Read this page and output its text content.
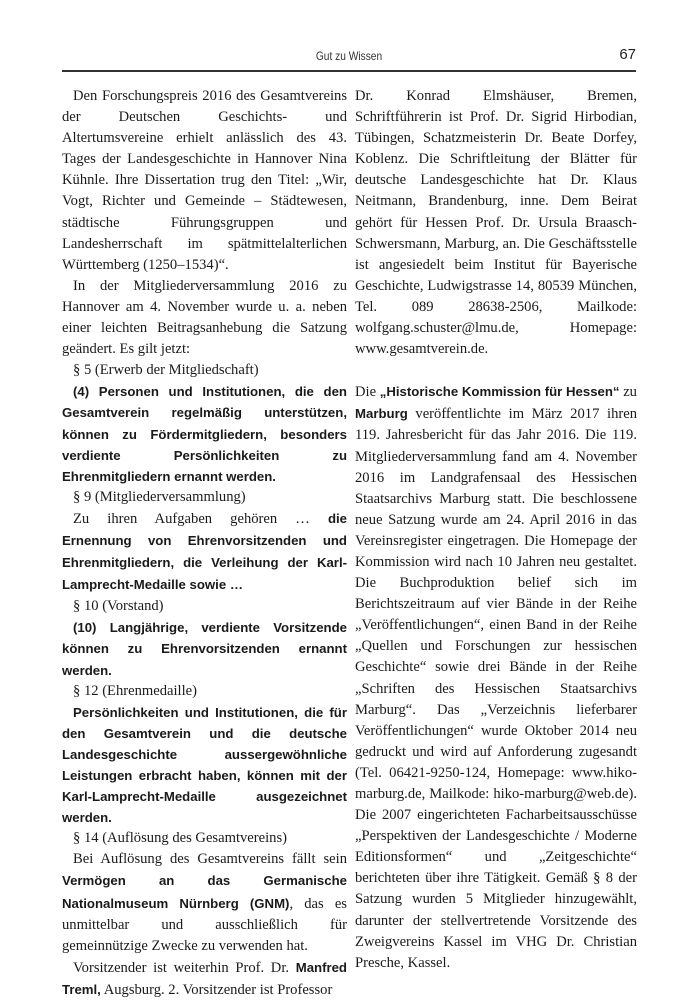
Gut zu Wissen	67

Den Forschungspreis 2016 des Gesamtvereins der Deutschen Geschichts- und Altertumsvereine erhielt anlässlich des 43. Tages der Landesgeschichte in Hannover Nina Kühnle. Ihre Dissertation trug den Titel: „Wir, Vogt, Richter und Gemeinde – Städtewesen, städtische Führungsgruppen und Landesherrschaft im spätmittelalterlichen Württemberg (1250–1534)“.

In der Mitgliederversammlung 2016 zu Hannover am 4. November wurde u. a. neben einer leichten Beitragsanhebung die Satzung geändert. Es gilt jetzt:

§ 5 (Erwerb der Mitgliedschaft)

(4) Personen und Institutionen, die den Gesamtverein regelmäßig unterstützen, können zu Fördermitgliedern, besonders verdiente Persönlichkeiten zu Ehrenmitgliedern ernannt werden.

§ 9 (Mitgliederversammlung)

Zu ihren Aufgaben gehören … die Ernennung von Ehrenvorsitzenden und Ehrenmitgliedern, die Verleihung der Karl-Lamprecht-Medaille sowie …

§ 10 (Vorstand)

(10) Langjährige, verdiente Vorsitzende können zu Ehrenvorsitzenden ernannt werden.

§ 12 (Ehrenmedaille)

Persönlichkeiten und Institutionen, die für den Gesamtverein und die deutsche Landesgeschichte aussergewöhnliche Leistungen erbracht haben, können mit der Karl-Lamprecht-Medaille ausgezeichnet werden.

§ 14 (Auflösung des Gesamtvereins)

Bei Auflösung des Gesamtvereins fällt sein Vermögen an das Germanische Nationalmuseum Nürnberg (GNM), das es unmittelbar und ausschließlich für gemeinnützige Zwecke zu verwenden hat.

Vorsitzender ist weiterhin Prof. Dr. Manfred Treml, Augsburg. 2. Vorsitzender ist Professor

Dr. Konrad Elmshäuser, Bremen, Schriftführerin ist Prof. Dr. Sigrid Hirbodian, Tübingen, Schatzmeisterin Dr. Beate Dorfey, Koblenz. Die Schriftleitung der Blätter für deutsche Landesgeschichte hat Dr. Klaus Neitmann, Brandenburg, inne. Dem Beirat gehört für Hessen Prof. Dr. Ursula Braasch-Schwersmann, Marburg, an. Die Geschäftsstelle ist angesiedelt beim Institut für Bayerische Geschichte, Ludwigstrasse 14, 80539 München, Tel. 089 28638-2506, Mailkode: wolfgang.schuster@lmu.de, Homepage: www.gesamtverein.de.

Die „Historische Kommission für Hessen“ zu Marburg veröffentlichte im März 2017 ihren 119. Jahresbericht für das Jahr 2016. Die 119. Mitgliederversammlung fand am 4. November 2016 im Landgrafensaal des Hessischen Staatsarchivs Marburg statt. Die beschlossene neue Satzung wurde am 24. April 2016 in das Vereinsregister eingetragen. Die Homepage der Kommission wird nach 10 Jahren neu gestaltet. Die Buchproduktion belief sich im Berichtszeitraum auf vier Bände in der Reihe „Veröffentlichungen“, einen Band in der Reihe „Quellen und Forschungen zur hessischen Geschichte“ sowie drei Bände in der Reihe „Schriften des Hessischen Staatsarchivs Marburg“. Das „Verzeichnis lieferbarer Veröffentlichungen“ wurde Oktober 2014 neu gedruckt und wird auf Anforderung zugesandt (Tel. 06421-9250-124, Homepage: www.hiko-marburg.de, Mailkode: hiko-marburg@web.de). Die 2007 eingerichteten Facharbeitsausschüsse „Perspektiven der Landesgeschichte / Moderne Editionsformen“ und „Zeitgeschichte“ berichteten über ihre Tätigkeit. Gemäß § 8 der Satzung wurden 5 Mitglieder hinzugewählt, darunter der stellvertretende Vorsitzende des Zweigvereins Kassel im VHG Dr. Christian Presche, Kassel.
